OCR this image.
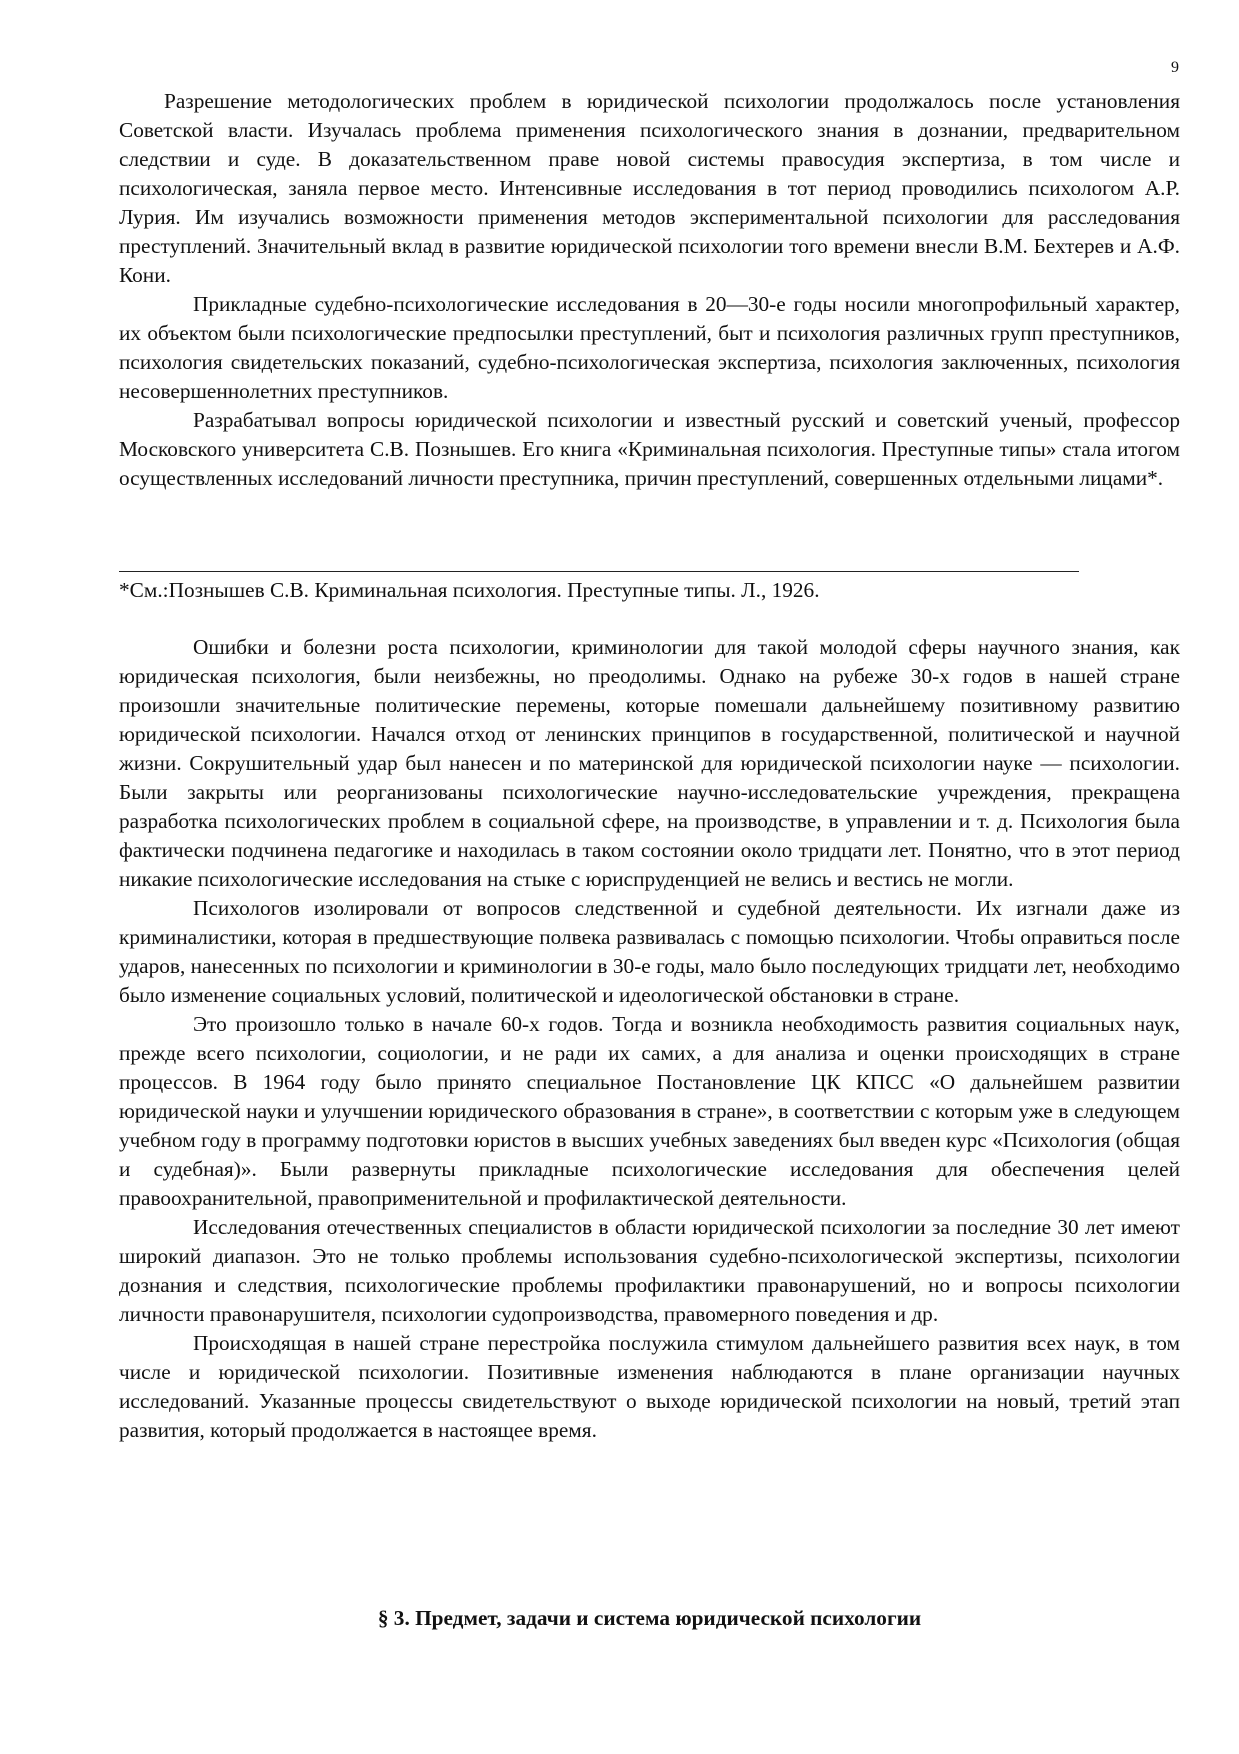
9

Разрешение методологических проблем в юридической психологии продолжалось после установления Советской власти. Изучалась проблема применения психологического знания в дознании, предварительном следствии и суде. В доказательственном праве новой системы правосудия экспертиза, в том числе и психологическая, заняла первое место. Интенсивные исследования в тот период проводились психологом А.Р. Лурия. Им изучались возможности применения методов экспериментальной психологии для расследования преступлений. Значительный вклад в развитие юридической психологии того времени внесли В.М. Бехтерев и А.Ф. Кони.

Прикладные судебно-психологические исследования в 20—30-е годы носили многопрофильный характер, их объектом были психологические предпосылки преступлений, быт и психология различных групп преступников, психология свидетельских показаний, судебно-психологическая экспертиза, психология заключенных, психология несовершеннолетних преступников.

Разрабатывал вопросы юридической психологии и известный русский и советский ученый, профессор Московского университета С.В. Познышев. Его книга «Криминальная психология. Преступные типы» стала итогом осуществленных исследований личности преступника, причин преступлений, совершенных отдельными лицами*.

*См.:Познышев С.В. Криминальная психология. Преступные типы. Л., 1926.

Ошибки и болезни роста психологии, криминологии для такой молодой сферы научного знания, как юридическая психология, были неизбежны, но преодолимы. Однако на рубеже 30-х годов в нашей стране произошли значительные политические перемены, которые помешали дальнейшему позитивному развитию юридической психологии. Начался отход от ленинских принципов в государственной, политической и научной жизни. Сокрушительный удар был нанесен и по материнской для юридической психологии науке — психологии. Были закрыты или реорганизованы психологические научно-исследовательские учреждения, прекращена разработка психологических проблем в социальной сфере, на производстве, в управлении и т. д. Психология была фактически подчинена педагогике и находилась в таком состоянии около тридцати лет. Понятно, что в этот период никакие психологические исследования на стыке с юриспруденцией не велись и вестись не могли.

Психологов изолировали от вопросов следственной и судебной деятельности. Их изгнали даже из криминалистики, которая в предшествующие полвека развивалась с помощью психологии. Чтобы оправиться после ударов, нанесенных по психологии и криминологии в 30-е годы, мало было последующих тридцати лет, необходимо было изменение социальных условий, политической и идеологической обстановки в стране.

Это произошло только в начале 60-х годов. Тогда и возникла необходимость развития социальных наук, прежде всего психологии, социологии, и не ради их самих, а для анализа и оценки происходящих в стране процессов. В 1964 году было принято специальное Постановление ЦК КПСС «О дальнейшем развитии юридической науки и улучшении юридического образования в стране», в соответствии с которым уже в следующем учебном году в программу подготовки юристов в высших учебных заведениях был введен курс «Психология (общая и судебная)». Были развернуты прикладные психологические исследования для обеспечения целей правоохранительной, правоприменительной и профилактической деятельности.

Исследования отечественных специалистов в области юридической психологии за последние 30 лет имеют широкий диапазон. Это не только проблемы использования судебно-психологической экспертизы, психологии дознания и следствия, психологические проблемы профилактики правонарушений, но и вопросы психологии личности правонарушителя, психологии судопроизводства, правомерного поведения и др.

Происходящая в нашей стране перестройка послужила стимулом дальнейшего развития всех наук, в том числе и юридической психологии. Позитивные изменения наблюдаются в плане организации научных исследований. Указанные процессы свидетельствуют о выходе юридической психологии на новый, третий этап развития, который продолжается в настоящее время.

§ 3. Предмет, задачи и система юридической психологии
